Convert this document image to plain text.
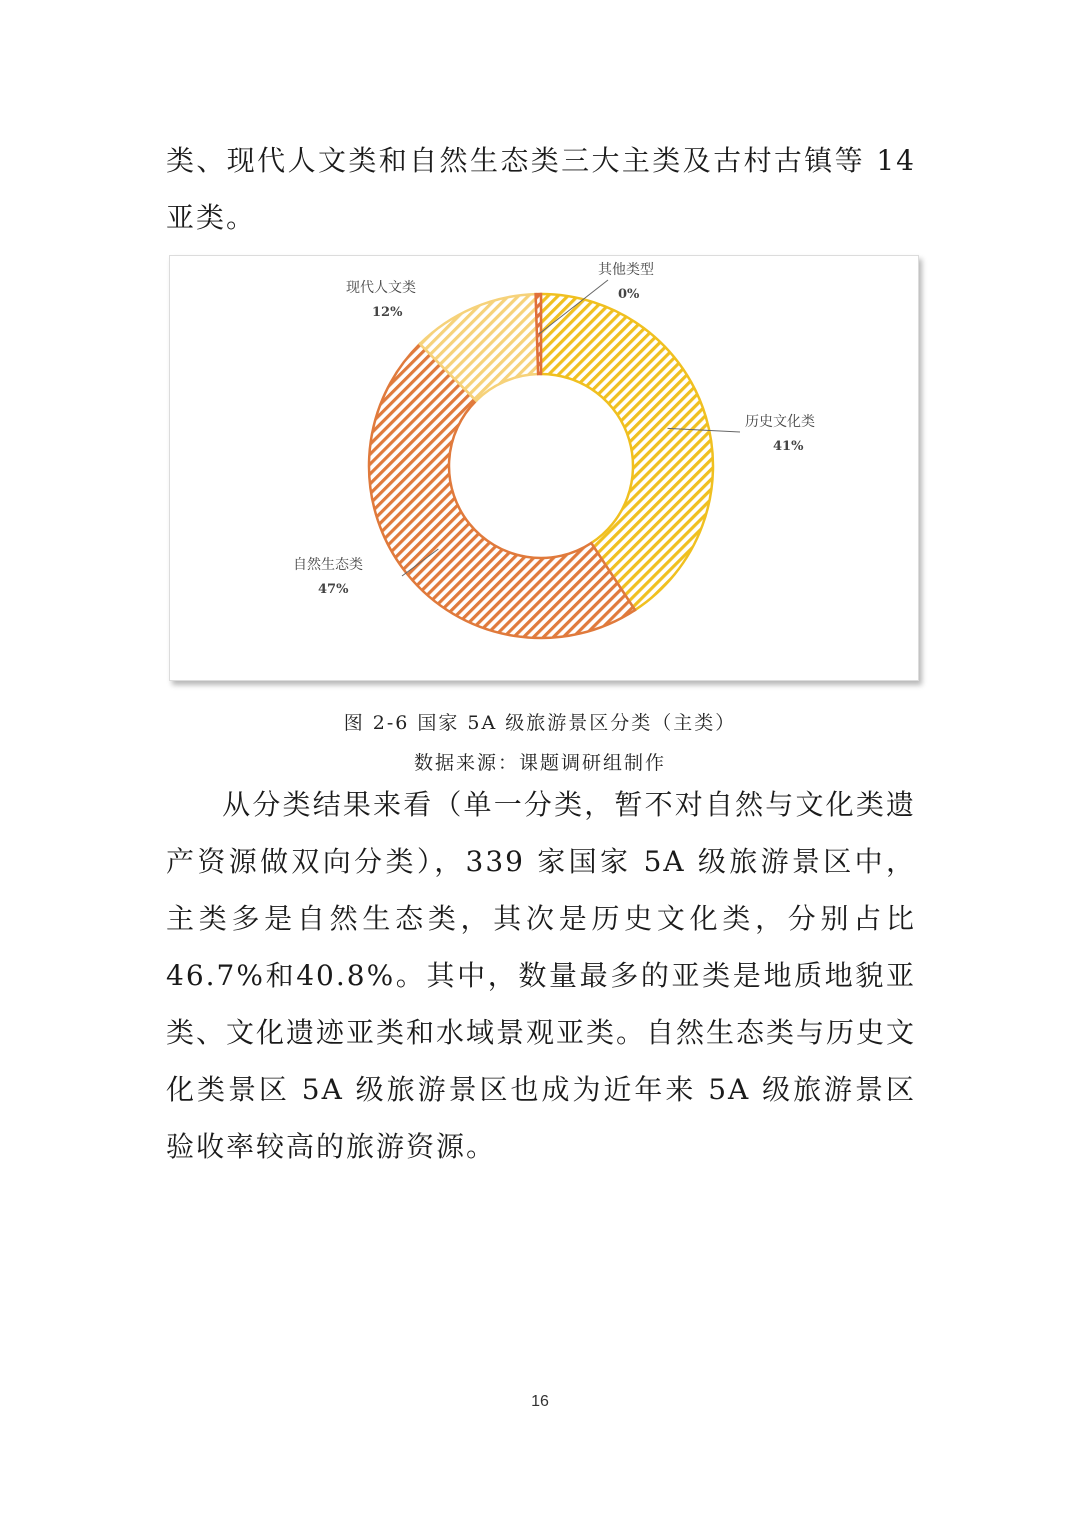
类、现代人文类和自然生态类三大主类及古村古镇等 14 亚类。

历史文化类
41%
自然生态类
47%
现代人文类
12%
其他类型
0%
图 2-6 国家 5A 级旅游景区分类（主类）
数据来源：课题调研组制作

从分类结果来看（单一分类，暂不对自然与文化类遗产资源做双向分类），339 家国家 5A 级旅游景区中，主类多是自然生态类，其次是历史文化类，分别占比46.7%和40.8%。其中，数量最多的亚类是地质地貌亚类、文化遗迹亚类和水域景观亚类。自然生态类与历史文化类景区 5A 级旅游景区也成为近年来 5A 级旅游景区验收率较高的旅游资源。

16
